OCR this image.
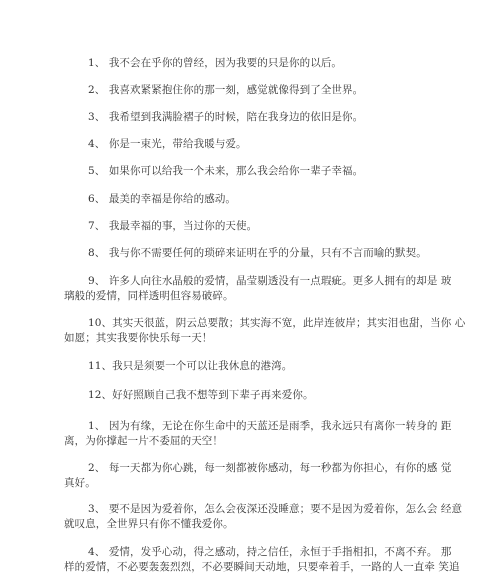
1、 我不会在乎你的曾经，因为我要的只是你的以后。
2、 我喜欢紧紧抱住你的那一刻，感觉就像得到了全世界。
3、 我希望到我满脸褶子的时候，陪在我身边的依旧是你。
4、 你是一束光，带给我暖与爱。
5、 如果你可以给我一个未来，那么我会给你一辈子幸福。
6、 最美的幸福是你给的感动。
7、 我最幸福的事，当过你的天使。
8、 我与你不需要任何的琐碎来证明在乎的分量，只有不言而喻的默契。
9、 许多人向往水晶般的爱情，晶莹剔透没有一点瑕疵。更多人拥有的却是 玻
璃般的爱情，同样透明但容易破碎。
10、其实天很蓝，阴云总要散；其实海不宽，此岸连彼岸；其实泪也甜，当你 心
如愿；其实我要你快乐每一天！
11、我只是须要一个可以让我休息的港湾。
12、好好照顾自己我不想等到下辈子再来爱你。
1、 因为有缘，无论在你生命中的天蓝还是雨季，我永远只有离你一转身的 距
离，为你撑起一片不委屈的天空！
2、 每一天都为你心跳，每一刻都被你感动，每一秒都为你担心，有你的感 觉
真好。
3、 要不是因为爱着你，怎么会夜深还没睡意；要不是因为爱着你，怎么会 经意
就叹息，全世界只有你不懂我爱你。
4、 爱情，发乎心动，得之感动，持之信任，永恒于手指相扣，不离不弃。 那
样的爱情，不必要轰轰烈烈，不必要瞬间天动地，只要牵着手，一路的人一直牵 笑追
